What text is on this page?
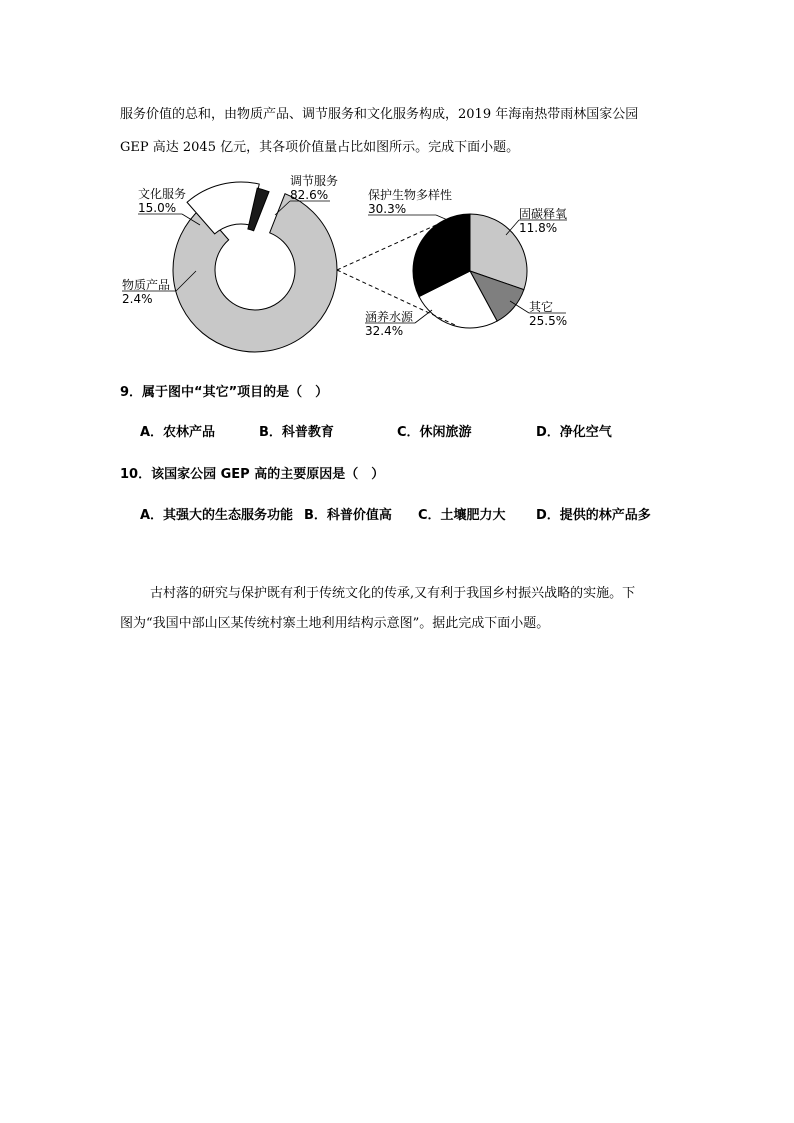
服务价值的总和，由物质产品、调节服务和文化服务构成，2019 年海南热带雨林国家公园
GEP 高达 2045 亿元，其各项价值量占比如图所示。完成下面小题。
调节服务
82.6%
文化服务
15.0%
物质产品
2.4%
保护生物多样性
30.3%	固碳释氧
11.8%
其它
25.5%
涵养水源
32.4%
9．属于图中“其它”项目的是（　）
A．农林产品	B．科普教育	C．休闲旅游	D．净化空气
10．该国家公园 GEP 高的主要原因是（　）
A．其强大的生态服务功能 B．科普价值高 C．土壤肥力大 D．提供的林产品多
古村落的研究与保护既有利于传统文化的传承,又有利于我国乡村振兴战略的实施。下
图为“我国中部山区某传统村寨土地利用结构示意图”。据此完成下面小题。
